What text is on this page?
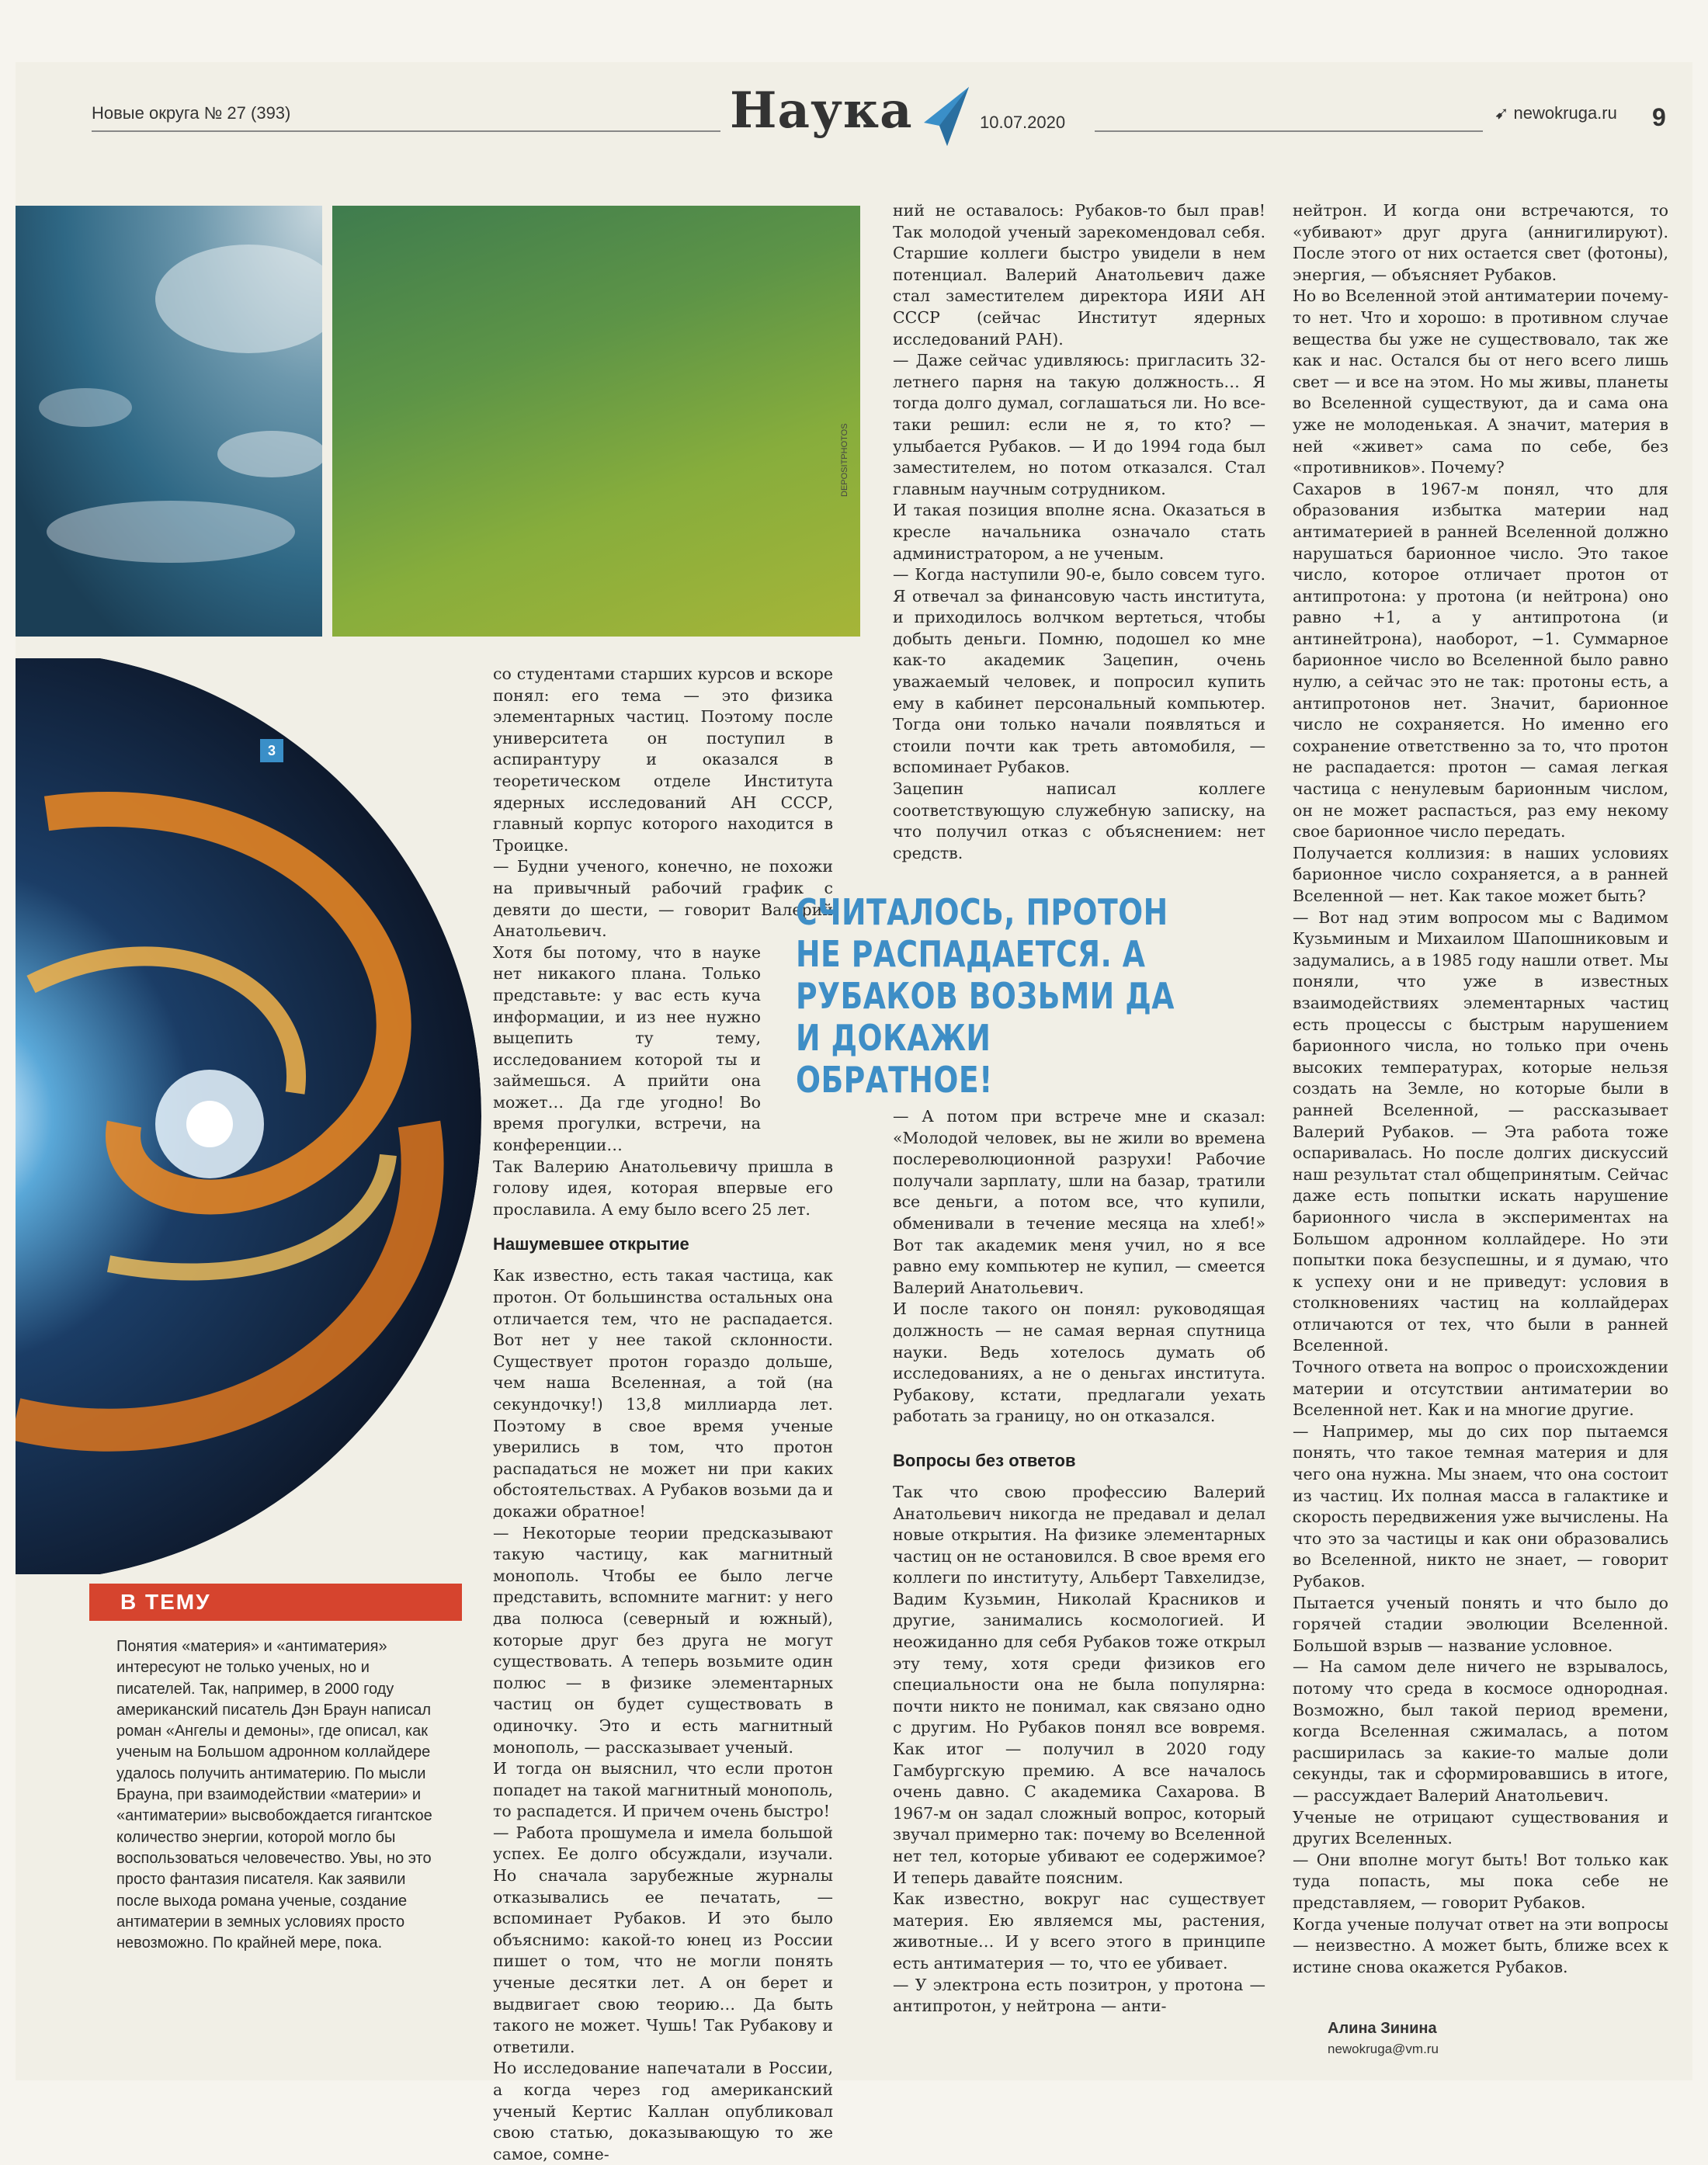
Новые округа № 27 (393)	Наука	10.07.2020	➹ newokruga.ru 9
DEPOSITPHOTOS
3

со студентами старших курсов и вскоре понял: его тема — это физика элементарных частиц. Поэтому после университета он поступил в аспирантуру и оказался в теоретическом отделе Института ядерных исследований АН СССР, главный корпус которого находится в Троицке.

— Будни ученого, конечно, не похожи на привычный рабочий график с девяти до шести, — говорит Валерий Анатольевич.

Хотя бы потому, что в науке нет никакого плана. Только представьте: у вас есть куча информации, и из нее нужно выцепить ту тему, исследованием которой ты и займешься. А прийти она может… Да где угодно! Во время прогулки, встречи, на конференции…

Так Валерию Анатольевичу пришла в голову идея, которая впервые его прославила. А ему было всего 25 лет.

Нашумевшее открытие

Как известно, есть такая частица, как протон. От большинства остальных она отличается тем, что не распадается. Вот нет у нее такой склонности. Существует протон гораздо дольше, чем наша Вселенная, а той (на секундочку!) 13,8 миллиарда лет. Поэтому в свое время ученые уверились в том, что протон распадаться не может ни при каких обстоятельствах. А Рубаков возьми да и докажи обратное!

— Некоторые теории предсказывают такую частицу, как магнитный монополь. Чтобы ее было легче представить, вспомните магнит: у него два полюса (северный и южный), которые друг без друга не могут существовать. А теперь возьмите один полюс — в физике элементарных частиц он будет существовать в одиночку. Это и есть магнитный монополь, — рассказывает ученый.

И тогда он выяснил, что если протон попадет на такой магнитный монополь, то распадется. И причем очень быстро!

— Работа прошумела и имела большой успех. Ее долго обсуждали, изучали. Но сначала зарубежные журналы отказывались ее печатать, — вспоминает Рубаков. И это было объяснимо: какой-то юнец из России пишет о том, что не могли понять ученые десятки лет. А он берет и выдвигает свою теорию… Да быть такого не может. Чушь! Так Рубакову и ответили.

Но исследование напечатали в России, а когда через год американский ученый Кертис Каллан опубликовал свою статью, доказывающую то же самое, сомне-

ний не оставалось: Рубаков-то был прав! Так молодой ученый зарекомендовал себя. Старшие коллеги быстро увидели в нем потенциал. Валерий Анатольевич даже стал заместителем директора ИЯИ АН СССР (сейчас Институт ядерных исследований РАН).

— Даже сейчас удивляюсь: пригласить 32-летнего парня на такую должность… Я тогда долго думал, соглашаться ли. Но все-таки решил: если не я, то кто? — улыбается Рубаков. — И до 1994 года был заместителем, но потом отказался. Стал главным научным сотрудником.

И такая позиция вполне ясна. Оказаться в кресле начальника означало стать администратором, а не ученым.

— Когда наступили 90-е, было совсем туго. Я отвечал за финансовую часть института, и приходилось волчком вертеться, чтобы добыть деньги. Помню, подошел ко мне как-то академик Зацепин, очень уважаемый человек, и попросил купить ему в кабинет персональный компьютер. Тогда они только начали появляться и стоили почти как треть автомобиля, — вспоминает Рубаков.

Зацепин написал коллеге соответствующую служебную записку, на что получил отказ с объяснением: нет средств.

СЧИТАЛОСЬ, ПРОТОН НЕ РАСПАДАЕТСЯ. А РУБАКОВ ВОЗЬМИ ДА И ДОКАЖИ ОБРАТНОЕ!

— А потом при встрече мне и сказал: «Молодой человек, вы не жили во времена послереволюционной разрухи! Рабочие получали зарплату, шли на базар, тратили все деньги, а потом все, что купили, обменивали в течение месяца на хлеб!» Вот так академик меня учил, но я все равно ему компьютер не купил, — смеется Валерий Анатольевич.

И после такого он понял: руководящая должность — не самая верная спутница науки. Ведь хотелось думать об исследованиях, а не о деньгах института. Рубакову, кстати, предлагали уехать работать за границу, но он отказался.

Вопросы без ответов

Так что свою профессию Валерий Анатольевич никогда не предавал и делал новые открытия. На физике элементарных частиц он не остановился. В свое время его коллеги по институту, Альберт Тавхелидзе, Вадим Кузьмин, Николай Красников и другие, занимались космологией. И неожиданно для себя Рубаков тоже открыл эту тему, хотя среди физиков его специальности она не была популярна: почти никто не понимал, как связано одно с другим. Но Рубаков понял все вовремя. Как итог — получил в 2020 году Гамбургскую премию. А все началось очень давно. С академика Сахарова. В 1967-м он задал сложный вопрос, который звучал примерно так: почему во Вселенной нет тел, которые убивают ее содержимое? И теперь давайте поясним.

Как известно, вокруг нас существует материя. Ею являемся мы, растения, животные… И у всего этого в принципе есть антиматерия — то, что ее убивает.

— У электрона есть позитрон, у протона — антипротон, у нейтрона — анти-

нейтрон. И когда они встречаются, то «убивают» друг друга (аннигилируют). После этого от них остается свет (фотоны), энергия, — объясняет Рубаков.

Но во Вселенной этой антиматерии почему-то нет. Что и хорошо: в противном случае вещества бы уже не существовало, так же как и нас. Остался бы от него всего лишь свет — и все на этом. Но мы живы, планеты во Вселенной существуют, да и сама она уже не молоденькая. А значит, материя в ней «живет» сама по себе, без «противников». Почему?

Сахаров в 1967-м понял, что для образования избытка материи над антиматерией в ранней Вселенной должно нарушаться барионное число. Это такое число, которое отличает протон от антипротона: у протона (и нейтрона) оно равно +1, а у антипротона (и антинейтрона), наоборот, −1. Суммарное барионное число во Вселенной было равно нулю, а сейчас это не так: протоны есть, а антипротонов нет. Значит, барионное число не сохраняется. Но именно его сохранение ответственно за то, что протон не распадается: протон — самая легкая частица с ненулевым барионным числом, он не может распасться, раз ему некому свое барионное число передать.

Получается коллизия: в наших условиях барионное число сохраняется, а в ранней Вселенной — нет. Как такое может быть?

— Вот над этим вопросом мы с Вадимом Кузьминым и Михаилом Шапошниковым и задумались, а в 1985 году нашли ответ. Мы поняли, что уже в известных взаимодействиях элементарных частиц есть процессы с быстрым нарушением барионного числа, но только при очень высоких температурах, которые нельзя создать на Земле, но которые были в ранней Вселенной, — рассказывает Валерий Рубаков. — Эта работа тоже оспаривалась. Но после долгих дискуссий наш результат стал общепринятым. Сейчас даже есть попытки искать нарушение барионного числа в экспериментах на Большом адронном коллайдере. Но эти попытки пока безуспешны, и я думаю, что к успеху они и не приведут: условия в столкновениях частиц на коллайдерах отличаются от тех, что были в ранней Вселенной.

Точного ответа на вопрос о происхождении материи и отсутствии антиматерии во Вселенной нет. Как и на многие другие.

— Например, мы до сих пор пытаемся понять, что такое темная материя и для чего она нужна. Мы знаем, что она состоит из частиц. Их полная масса в галактике и скорость передвижения уже вычислены. На что это за частицы и как они образовались во Вселенной, никто не знает, — говорит Рубаков.

Пытается ученый понять и что было до горячей стадии эволюции Вселенной. Большой взрыв — название условное.

— На самом деле ничего не взрывалось, потому что среда в космосе однородная. Возможно, был такой период времени, когда Вселенная сжималась, а потом расширилась за какие-то малые доли секунды, так и сформировавшись в итоге, — рассуждает Валерий Анатольевич.

Ученые не отрицают существования и других Вселенных.

— Они вполне могут быть! Вот только как туда попасть, мы пока себе не представляем, — говорит Рубаков.

Когда ученые получат ответ на эти вопросы — неизвестно. А может быть, ближе всех к истине снова окажется Рубаков.

Алина Зинина
newokruga@vm.ru
В ТЕМУ
Понятия «материя» и «антиматерия» интересуют не только ученых, но и писателей. Так, например, в 2000 году американский писатель Дэн Браун написал роман «Ангелы и демоны», где описал, как ученым на Большом адронном коллайдере удалось получить антиматерию. По мысли Брауна, при взаимодействии «материи» и «антиматерии» высвобождается гигантское количество энергии, которой могло бы воспользоваться человечество. Увы, но это просто фантазия писателя. Как заявили после выхода романа ученые, создание антиматерии в земных условиях просто невозможно. По крайней мере, пока.
